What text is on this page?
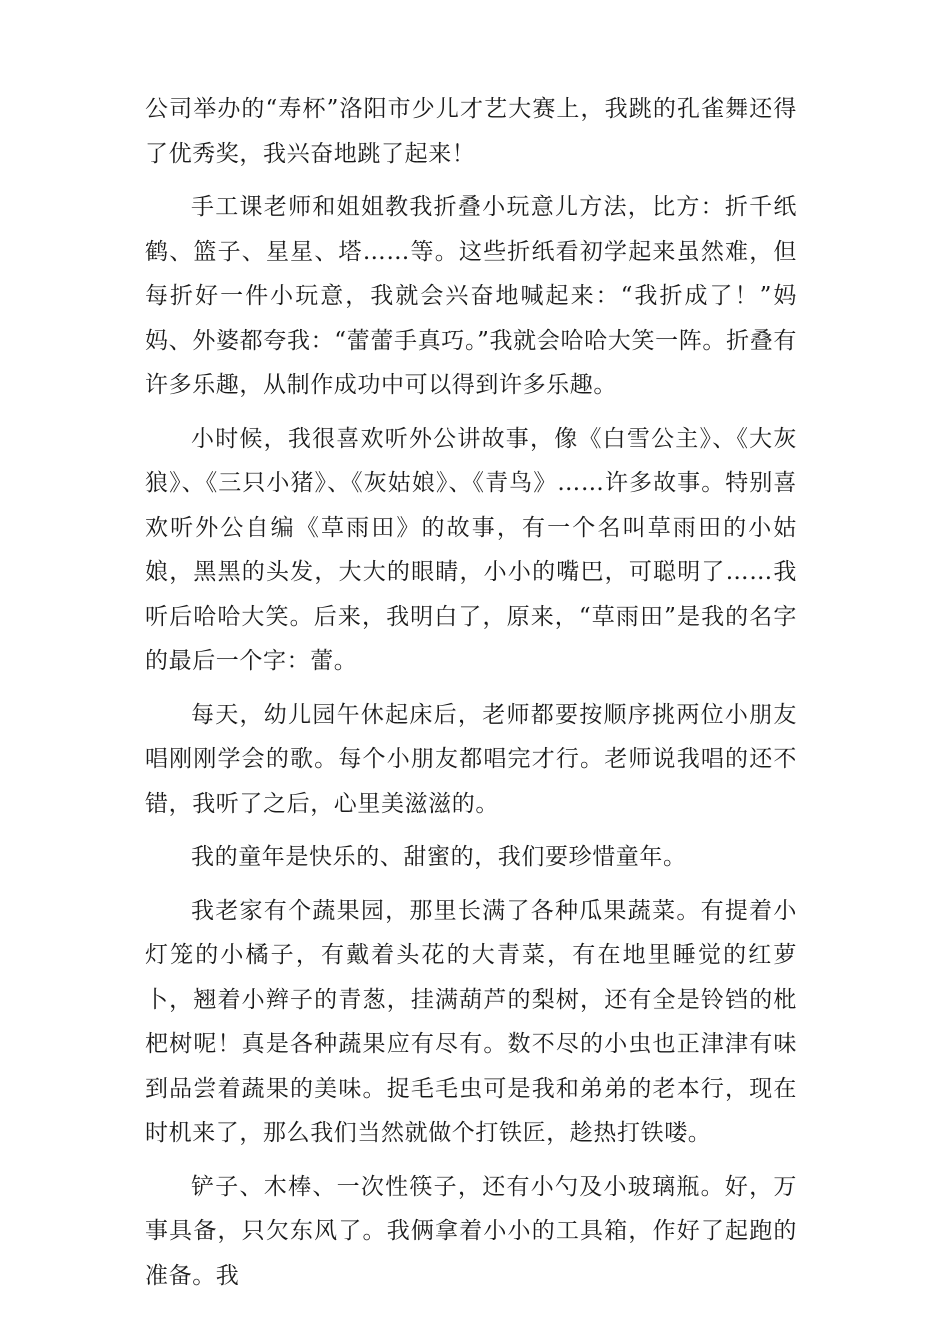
公司举办的“寿杯”洛阳市少儿才艺大赛上，我跳的孔雀舞还得了优秀奖，我兴奋地跳了起来！

手工课老师和姐姐教我折叠小玩意儿方法，比方：折千纸鹤、篮子、星星、塔……等。这些折纸看初学起来虽然难，但每折好一件小玩意，我就会兴奋地喊起来：“我折成了！”妈妈、外婆都夸我：“蕾蕾手真巧。”我就会哈哈大笑一阵。折叠有许多乐趣，从制作成功中可以得到许多乐趣。

小时候，我很喜欢听外公讲故事，像《白雪公主》、《大灰狼》、《三只小猪》、《灰姑娘》、《青鸟》……许多故事。特别喜欢听外公自编《草雨田》的故事，有一个名叫草雨田的小姑娘，黑黑的头发，大大的眼睛，小小的嘴巴，可聪明了……我听后哈哈大笑。后来，我明白了，原来，“草雨田”是我的名字的最后一个字：蕾。

每天，幼儿园午休起床后，老师都要按顺序挑两位小朋友唱刚刚学会的歌。每个小朋友都唱完才行。老师说我唱的还不错，我听了之后，心里美滋滋的。

我的童年是快乐的、甜蜜的，我们要珍惜童年。

我老家有个蔬果园，那里长满了各种瓜果蔬菜。有提着小灯笼的小橘子，有戴着头花的大青菜，有在地里睡觉的红萝卜，翘着小辫子的青葱，挂满葫芦的梨树，还有全是铃铛的枇杷树呢！真是各种蔬果应有尽有。数不尽的小虫也正津津有味到品尝着蔬果的美味。捉毛毛虫可是我和弟弟的老本行，现在时机来了，那么我们当然就做个打铁匠，趁热打铁喽。

铲子、木棒、一次性筷子，还有小勺及小玻璃瓶。好，万事具备，只欠东风了。我俩拿着小小的工具箱，作好了起跑的准备。我
